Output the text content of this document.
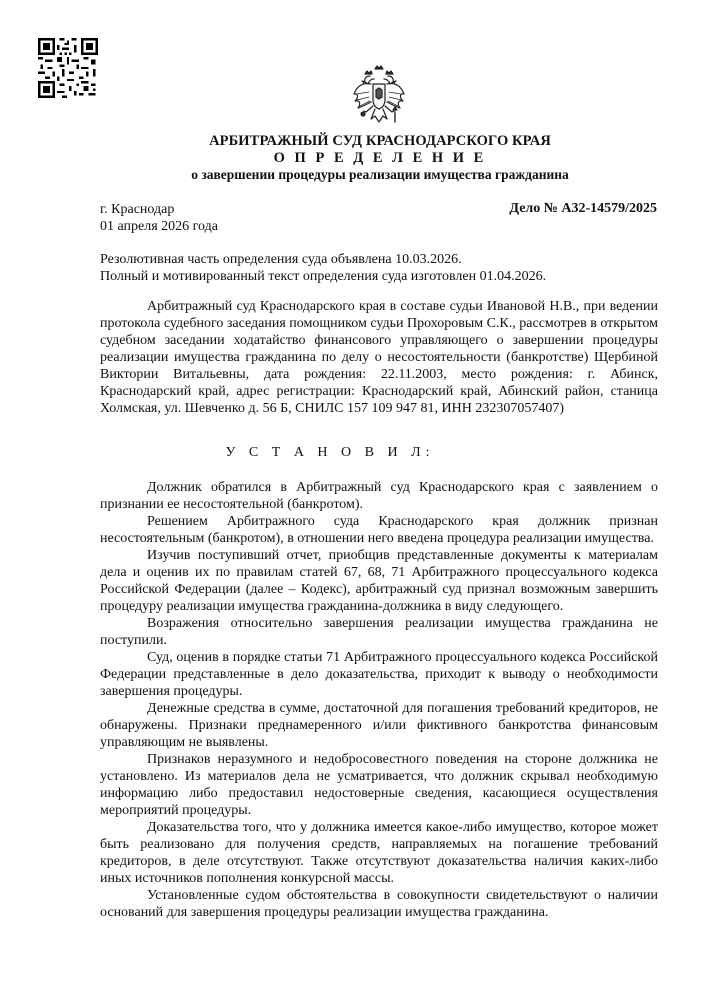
АРБИТРАЖНЫЙ СУД КРАСНОДАРСКОГО КРАЯ
О П Р Е Д Е Л Е Н И Е
о завершении процедуры реализации имущества гражданина
г. Краснодар	Дело № А32-14579/2025
01 апреля 2026 года
Резолютивная часть определения суда объявлена 10.03.2026.
Полный и мотивированный текст определения суда изготовлен 01.04.2026.

Арбитражный суд Краснодарского края в составе судьи Ивановой Н.В., при ведении протокола судебного заседания помощником судьи Прохоровым С.К., рассмотрев в открытом судебном заседании ходатайство финансового управляющего о завершении процедуры реализации имущества гражданина по делу о несостоятельности (банкротстве) Щербиной Виктории Витальевны, дата рождения: 22.11.2003, место рождения: г. Абинск, Краснодарский край, адрес регистрации: Краснодарский край, Абинский район, станица Холмская, ул. Шевченко д. 56 Б, СНИЛС 157 109 947 81, ИНН 232307057407)

У С Т А Н О В И Л:

Должник обратился в Арбитражный суд Краснодарского края с заявлением о признании ее несостоятельной (банкротом).

Решением Арбитражного суда Краснодарского края должник признан несостоятельным (банкротом), в отношении него введена процедура реализации имущества.

Изучив поступивший отчет, приобщив представленные документы к материалам дела и оценив их по правилам статей 67, 68, 71 Арбитражного процессуального кодекса Российской Федерации (далее – Кодекс), арбитражный суд признал возможным завершить процедуру реализации имущества гражданина-должника в виду следующего.

Возражения относительно завершения реализации имущества гражданина не поступили.

Суд, оценив в порядке статьи 71 Арбитражного процессуального кодекса Российской Федерации представленные в дело доказательства, приходит к выводу о необходимости завершения процедуры.

Денежные средства в сумме, достаточной для погашения требований кредиторов, не обнаружены. Признаки преднамеренного и/или фиктивного банкротства финансовым управляющим не выявлены.

Признаков неразумного и недобросовестного поведения на стороне должника не установлено. Из материалов дела не усматривается, что должник скрывал необходимую информацию либо предоставил недостоверные сведения, касающиеся осуществления мероприятий процедуры.

Доказательства того, что у должника имеется какое-либо имущество, которое может быть реализовано для получения средств, направляемых на погашение требований кредиторов, в деле отсутствуют. Также отсутствуют доказательства наличия каких-либо иных источников пополнения конкурсной массы.

Установленные судом обстоятельства в совокупности свидетельствуют о наличии оснований для завершения процедуры реализации имущества гражданина.
